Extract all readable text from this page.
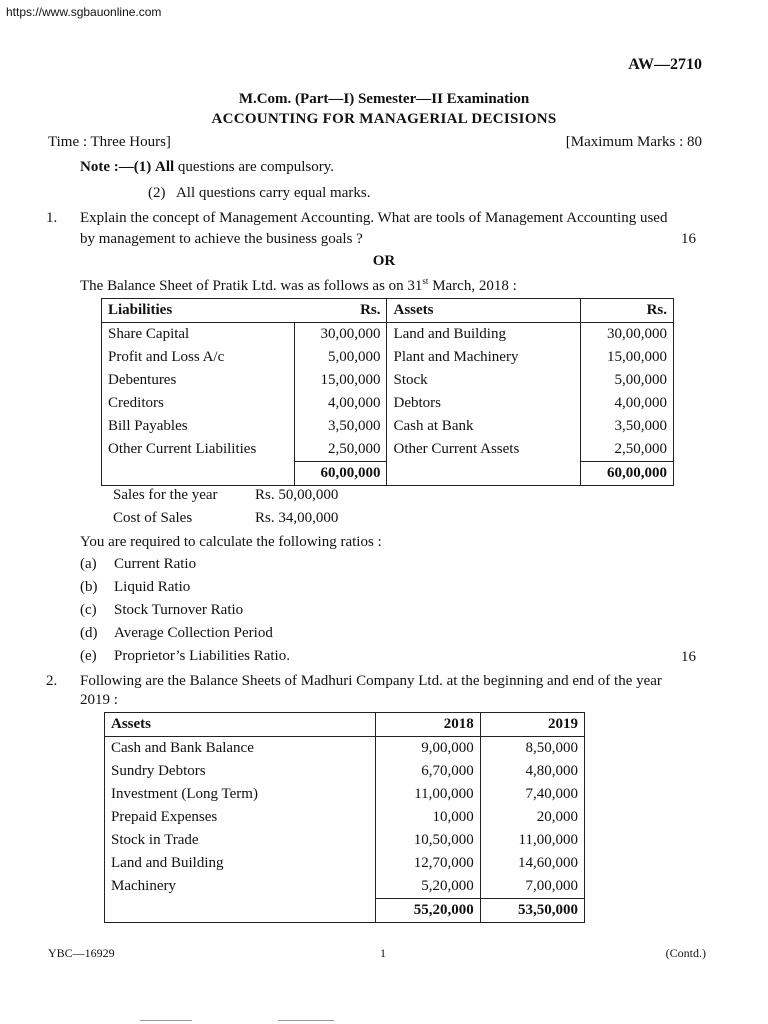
https://www.sgbauonline.com
AW—2710
M.Com. (Part—I) Semester—II Examination
ACCOUNTING FOR MANAGERIAL DECISIONS
Time : Three Hours]	[Maximum Marks : 80
Note :—(1) All questions are compulsory.
(2) All questions carry equal marks.
1. Explain the concept of Management Accounting. What are tools of Management Accounting used
by management to achieve the business goals ?	16
OR
The Balance Sheet of Pratik Ltd. was as follows as on 31st March, 2018 :
Liabilities	Rs.	Assets	Rs.
Share Capital	30,00,000	Land and Building	30,00,000
Profit and Loss A/c	5,00,000	Plant and Machinery	15,00,000
Debentures	15,00,000	Stock	5,00,000
Creditors	4,00,000	Debtors	4,00,000
Bill Payables	3,50,000	Cash at Bank	3,50,000
Other Current Liabilities	2,50,000	Other Current Assets	2,50,000
	60,00,000		60,00,000
Sales for the year Rs. 50,00,000
Cost of Sales	Rs. 34,00,000
You are required to calculate the following ratios :
(a) Current Ratio
(b) Liquid Ratio
(c) Stock Turnover Ratio
(d) Average Collection Period
(e) Proprietor’s Liabilities Ratio.	16
2. Following are the Balance Sheets of Madhuri Company Ltd. at the beginning and end of the year
2019 :
Assets	2018	2019
Cash and Bank Balance	9,00,000	8,50,000
Sundry Debtors	6,70,000	4,80,000
Investment (Long Term)	11,00,000	7,40,000
Prepaid Expenses	10,000	20,000
Stock in Trade	10,50,000	11,00,000
Land and Building	12,70,000	14,60,000
Machinery	5,20,000	7,00,000
	55,20,000	53,50,000
YBC—16929	1	(Contd.)
